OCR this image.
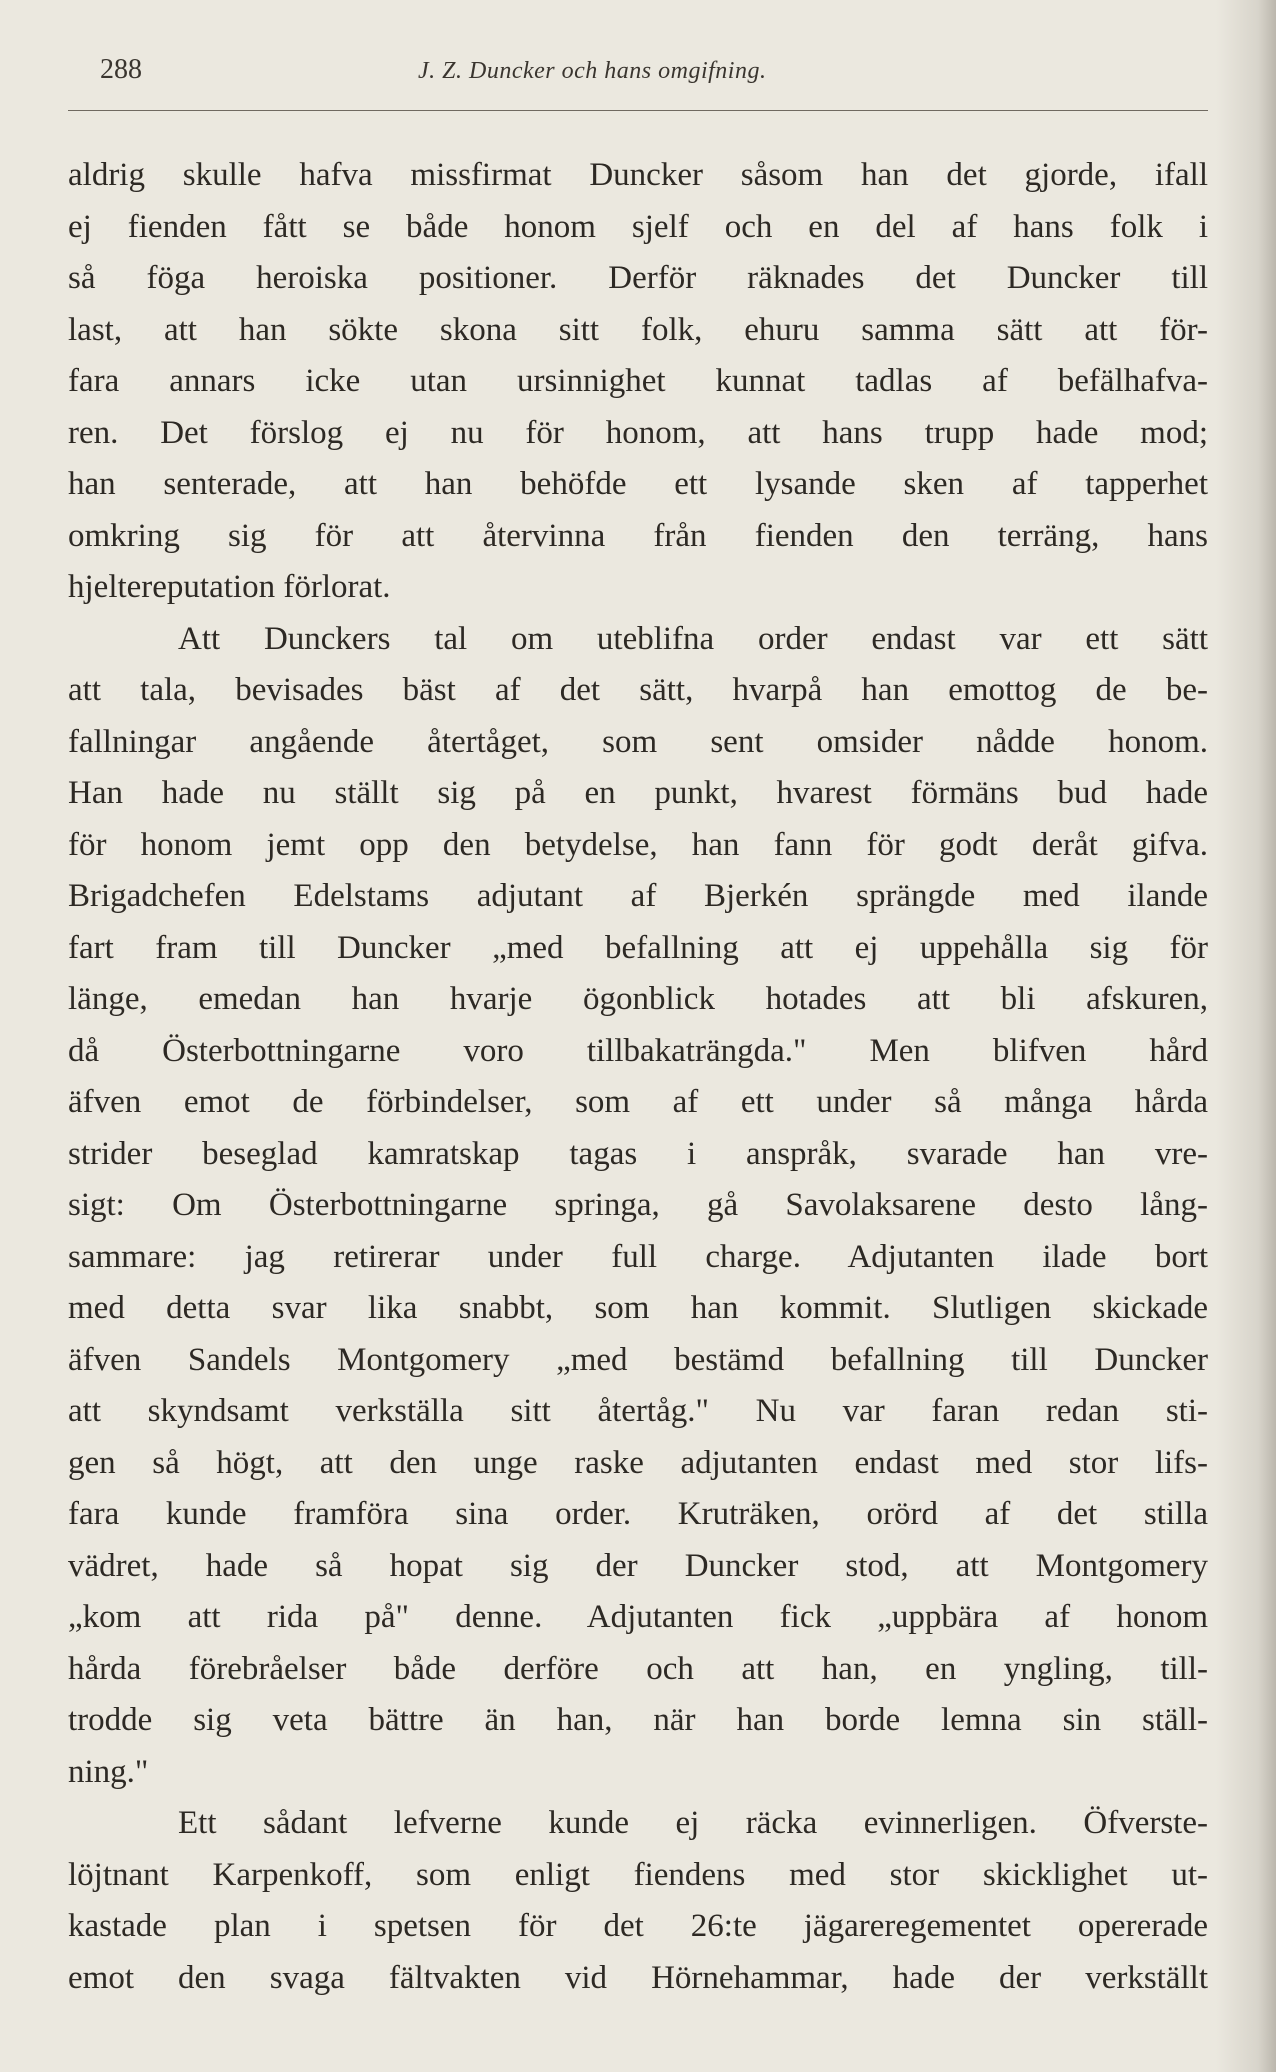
288	J. Z. Duncker och hans omgifning.
aldrig skulle hafva missfirmat Duncker såsom han det gjorde, ifall
ej fienden fått se både honom sjelf och en del af hans folk i
så föga heroiska positioner. Derför räknades det Duncker till
last, att han sökte skona sitt folk, ehuru samma sätt att för-
fara annars icke utan ursinnighet kunnat tadlas af befälhafva-
ren. Det förslog ej nu för honom, att hans trupp hade mod;
han senterade, att han behöfde ett lysande sken af tapperhet
omkring sig för att återvinna från fienden den terräng, hans
hjeltereputation förlorat.
Att Dunckers tal om uteblifna order endast var ett sätt
att tala, bevisades bäst af det sätt, hvarpå han emottog de be-
fallningar angående återtåget, som sent omsider nådde honom.
Han hade nu ställt sig på en punkt, hvarest förmäns bud hade
för honom jemt opp den betydelse, han fann för godt deråt gifva.
Brigadchefen Edelstams adjutant af Bjerkén sprängde med ilande
fart fram till Duncker „med befallning att ej uppehålla sig för
länge, emedan han hvarje ögonblick hotades att bli afskuren,
då Österbottningarne voro tillbakaträngda." Men blifven hård
äfven emot de förbindelser, som af ett under så många hårda
strider beseglad kamratskap tagas i anspråk, svarade han vre-
sigt: Om Österbottningarne springa, gå Savolaksarene desto lång-
sammare: jag retirerar under full charge. Adjutanten ilade bort
med detta svar lika snabbt, som han kommit. Slutligen skickade
äfven Sandels Montgomery „med bestämd befallning till Duncker
att skyndsamt verkställa sitt återtåg." Nu var faran redan sti-
gen så högt, att den unge raske adjutanten endast med stor lifs-
fara kunde framföra sina order. Kruträken, orörd af det stilla
vädret, hade så hopat sig der Duncker stod, att Montgomery
„kom att rida på" denne. Adjutanten fick „uppbära af honom
hårda förebråelser både derföre och att han, en yngling, till-
trodde sig veta bättre än han, när han borde lemna sin ställ-
ning."
Ett sådant lefverne kunde ej räcka evinnerligen. Öfverste-
löjtnant Karpenkoff, som enligt fiendens med stor skicklighet ut-
kastade plan i spetsen för det 26:te jägareregementet opererade
emot den svaga fältvakten vid Hörnehammar, hade der verkställt
